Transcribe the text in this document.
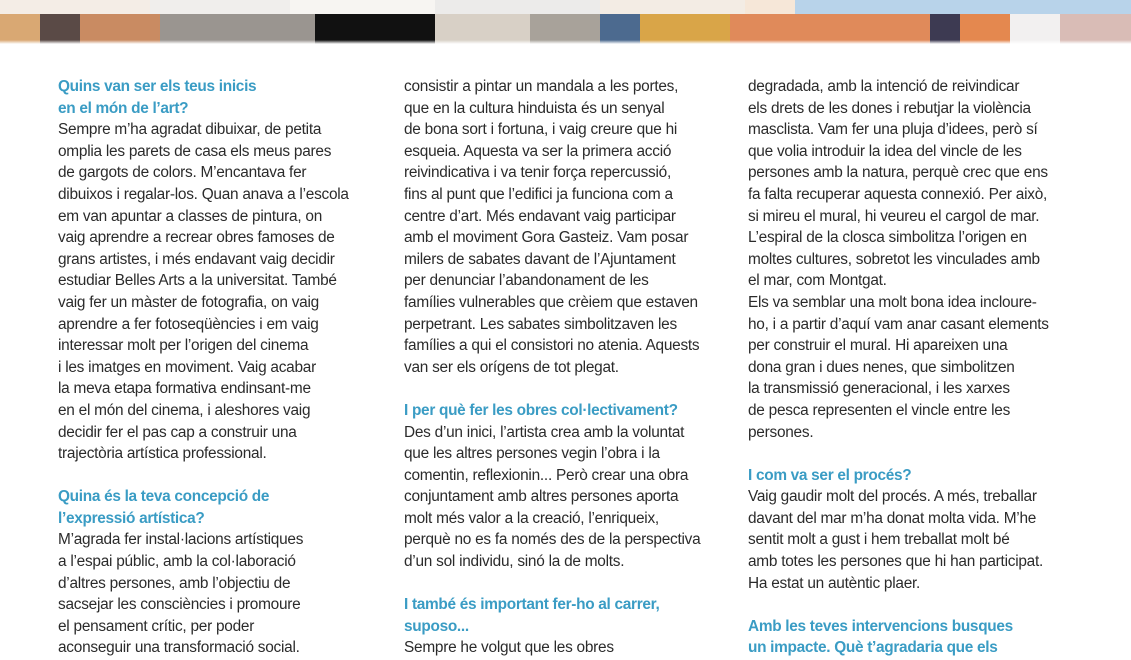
Quins van ser els teus inicis
en el món de l’art?
Sempre m’ha agradat dibuixar, de petita
omplia les parets de casa els meus pares
de gargots de colors. M’encantava fer
dibuixos i regalar-los. Quan anava a l’escola
em van apuntar a classes de pintura, on
vaig aprendre a recrear obres famoses de
grans artistes, i més endavant vaig decidir
estudiar Belles Arts a la universitat. També
vaig fer un màster de fotografia, on vaig
aprendre a fer fotoseqüències i em vaig
interessar molt per l’origen del cinema
i les imatges en moviment. Vaig acabar
la meva etapa formativa endinsant-me
en el món del cinema, i aleshores vaig
decidir fer el pas cap a construir una
trajectòria artística professional.
Quina és la teva concepció de
l’expressió artística?
M’agrada fer instal·lacions artístiques
a l’espai públic, amb la col·laboració
d’altres persones, amb l’objectiu de
sacsejar les consciències i promoure
el pensament crític, per poder
aconseguir una transformació social.
consistir a pintar un mandala a les portes,
que en la cultura hinduista és un senyal
de bona sort i fortuna, i vaig creure que hi
esqueia. Aquesta va ser la primera acció
reivindicativa i va tenir força repercussió,
fins al punt que l’edifici ja funciona com a
centre d’art. Més endavant vaig participar
amb el moviment Gora Gasteiz. Vam posar
milers de sabates davant de l’Ajuntament
per denunciar l’abandonament de les
famílies vulnerables que crèiem que estaven
perpetrant. Les sabates simbolitzaven les
famílies a qui el consistori no atenia. Aquests
van ser els orígens de tot plegat.
I per què fer les obres col·lectivament?
Des d’un inici, l’artista crea amb la voluntat
que les altres persones vegin l’obra i la
comentin, reflexionin... Però crear una obra
conjuntament amb altres persones aporta
molt més valor a la creació, l’enriqueix,
perquè no es fa només des de la perspectiva
d’un sol individu, sinó la de molts.
I també és important fer-ho al carrer,
suposo...
Sempre he volgut que les obres
degradada, amb la intenció de reivindicar
els drets de les dones i rebutjar la violència
masclista. Vam fer una pluja d’idees, però sí
que volia introduir la idea del vincle de les
persones amb la natura, perquè crec que ens
fa falta recuperar aquesta connexió. Per això,
si mireu el mural, hi veureu el cargol de mar.
L’espiral de la closca simbolitza l’origen en
moltes cultures, sobretot les vinculades amb
el mar, com Montgat.
Els va semblar una molt bona idea incloure-
ho, i a partir d’aquí vam anar casant elements
per construir el mural. Hi apareixen una
dona gran i dues nenes, que simbolitzen
la transmissió generacional, i les xarxes
de pesca representen el vincle entre les
persones.
I com va ser el procés?
Vaig gaudir molt del procés. A més, treballar
davant del mar m’ha donat molta vida. M’he
sentit molt a gust i hem treballat molt bé
amb totes les persones que hi han participat.
Ha estat un autèntic plaer.
Amb les teves intervencions busques
un impacte. Què t’agradaria que els
